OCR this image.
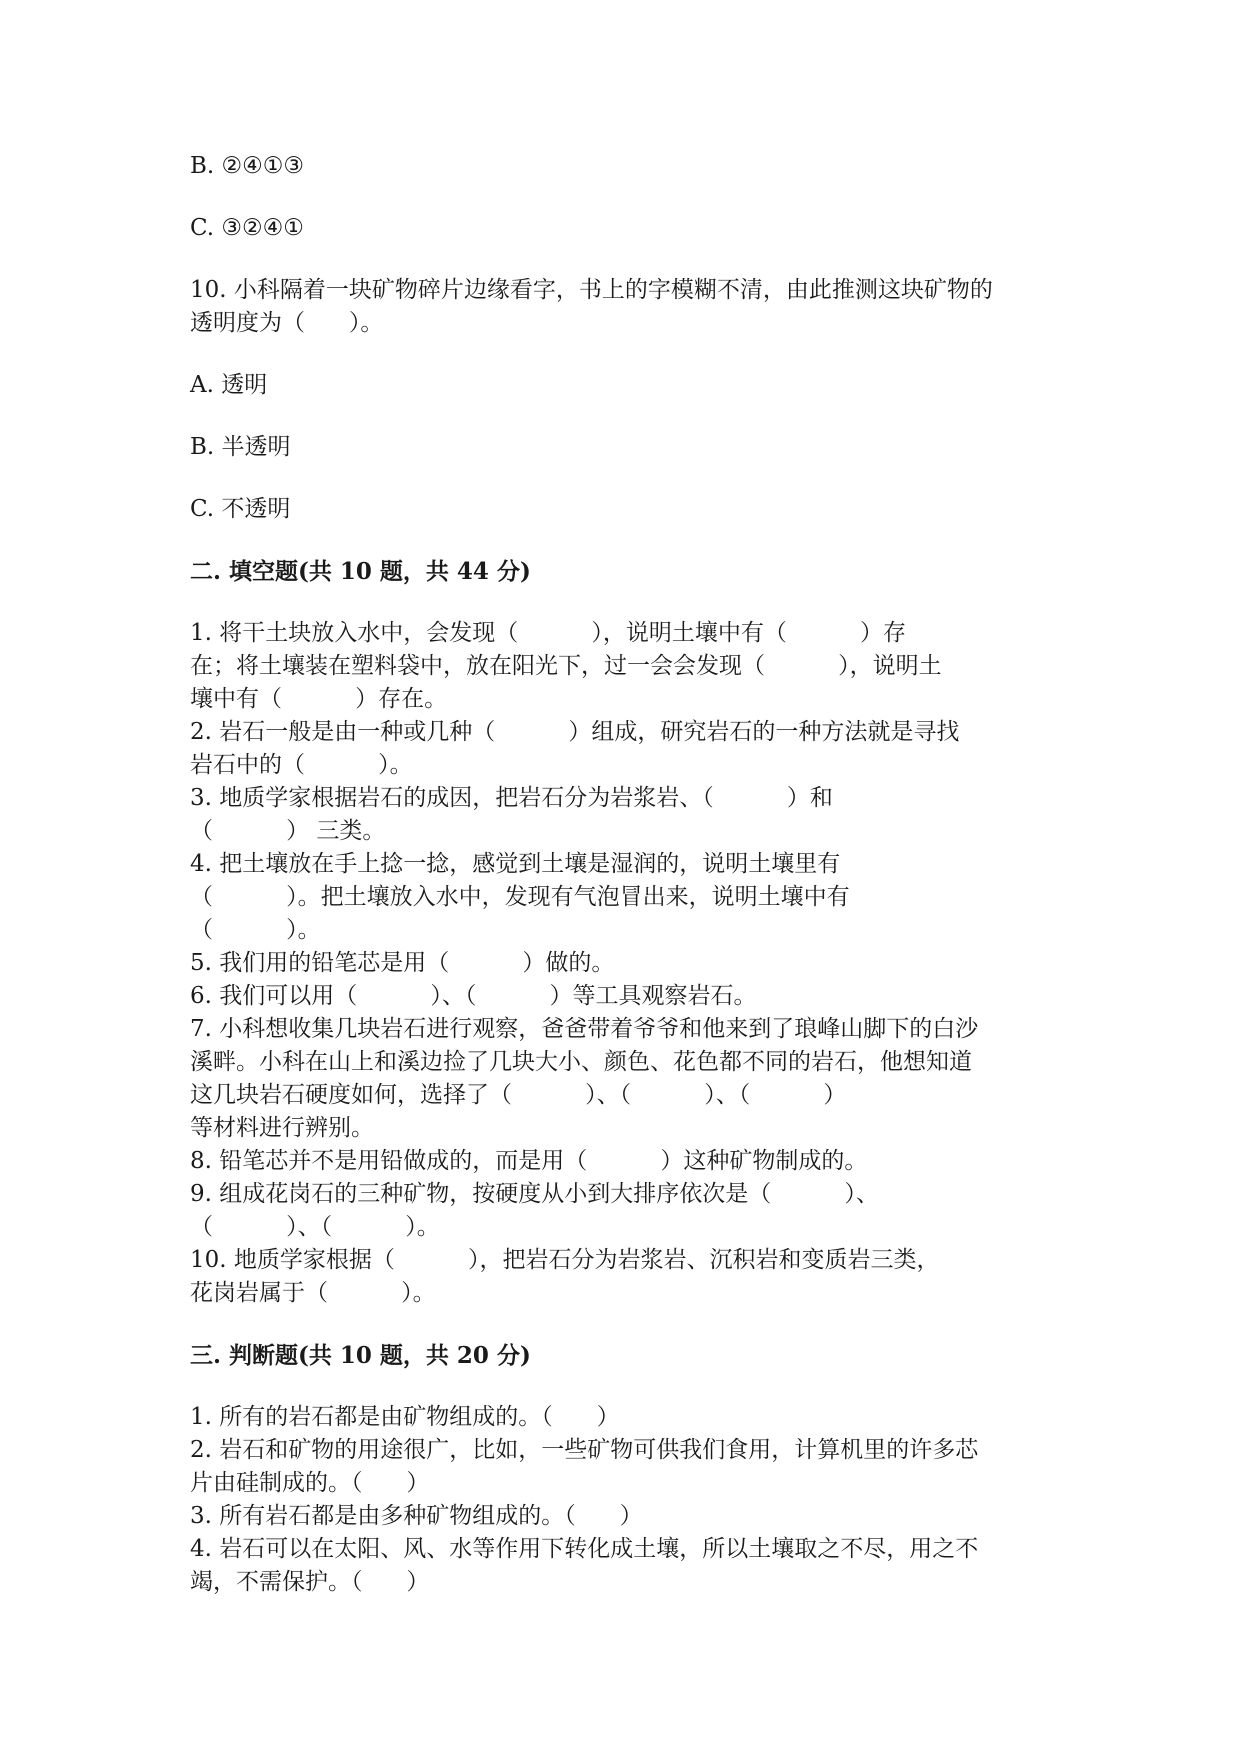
B. ②④①③

C. ③②④①

10. 小科隔着一块矿物碎片边缘看字，书上的字模糊不清，由此推测这块矿物的

透明度为（      ）。

A. 透明

B. 半透明

C. 不透明

二. 填空题(共 10 题，共 44 分)

1. 将干土块放入水中，会发现（          ），说明土壤中有（          ）存

在；将土壤装在塑料袋中，放在阳光下，过一会会发现（          ），说明土

壤中有（          ）存在。

2. 岩石一般是由一种或几种（          ）组成，研究岩石的一种方法就是寻找

岩石中的（          ）。

3. 地质学家根据岩石的成因，把岩石分为岩浆岩、（          ）和

（          ） 三类。

4. 把土壤放在手上捻一捻，感觉到土壤是湿润的，说明土壤里有

（          ）。把土壤放入水中，发现有气泡冒出来，说明土壤中有

（          ）。

5. 我们用的铅笔芯是用（          ）做的。

6. 我们可以用（          ）、（          ）等工具观察岩石。

7. 小科想收集几块岩石进行观察，爸爸带着爷爷和他来到了琅峰山脚下的白沙

溪畔。小科在山上和溪边捡了几块大小、颜色、花色都不同的岩石，他想知道

这几块岩石硬度如何，选择了（          ）、（          ）、（          ）

等材料进行辨别。

8. 铅笔芯并不是用铅做成的，而是用（          ）这种矿物制成的。

9. 组成花岗石的三种矿物，按硬度从小到大排序依次是（          ）、

（          ）、（          ）。

10. 地质学家根据（          ），把岩石分为岩浆岩、沉积岩和变质岩三类，

花岗岩属于（          ）。

三. 判断题(共 10 题，共 20 分)

1. 所有的岩石都是由矿物组成的。（      ）

2. 岩石和矿物的用途很广，比如，一些矿物可供我们食用，计算机里的许多芯

片由硅制成的。（      ）

3. 所有岩石都是由多种矿物组成的。（      ）

4. 岩石可以在太阳、风、水等作用下转化成土壤，所以土壤取之不尽，用之不

竭，不需保护。（      ）
